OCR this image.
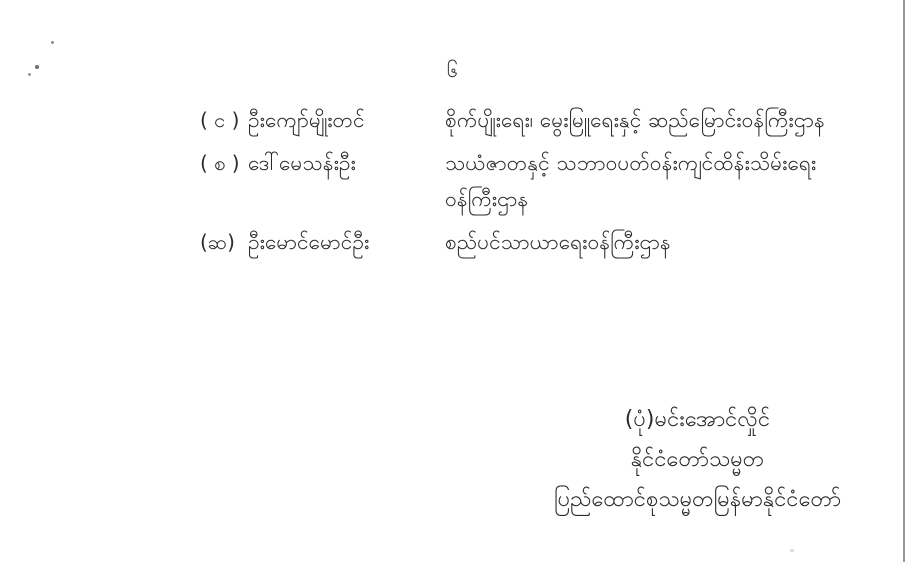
၆
( င ) ဦးကျော်မျိုးတင်	စိုက်ပျိုးရေး၊ မွေးမြူရေးနှင့် ဆည်မြောင်းဝန်ကြီးဌာန
( စ ) ဒေါ်မေသန်းဦး	သယံဇာတနှင့် သဘာဝပတ်ဝန်းကျင်ထိန်းသိမ်းရေး
ဝန်ကြီးဌာန
(ဆ) ဦးမောင်မောင်ဦး	စည်ပင်သာယာရေးဝန်ကြီးဌာန
(ပုံ)မင်းအောင်လှိုင်
နိုင်ငံတော်သမ္မတ
ပြည်ထောင်စုသမ္မတမြန်မာနိုင်ငံတော်
